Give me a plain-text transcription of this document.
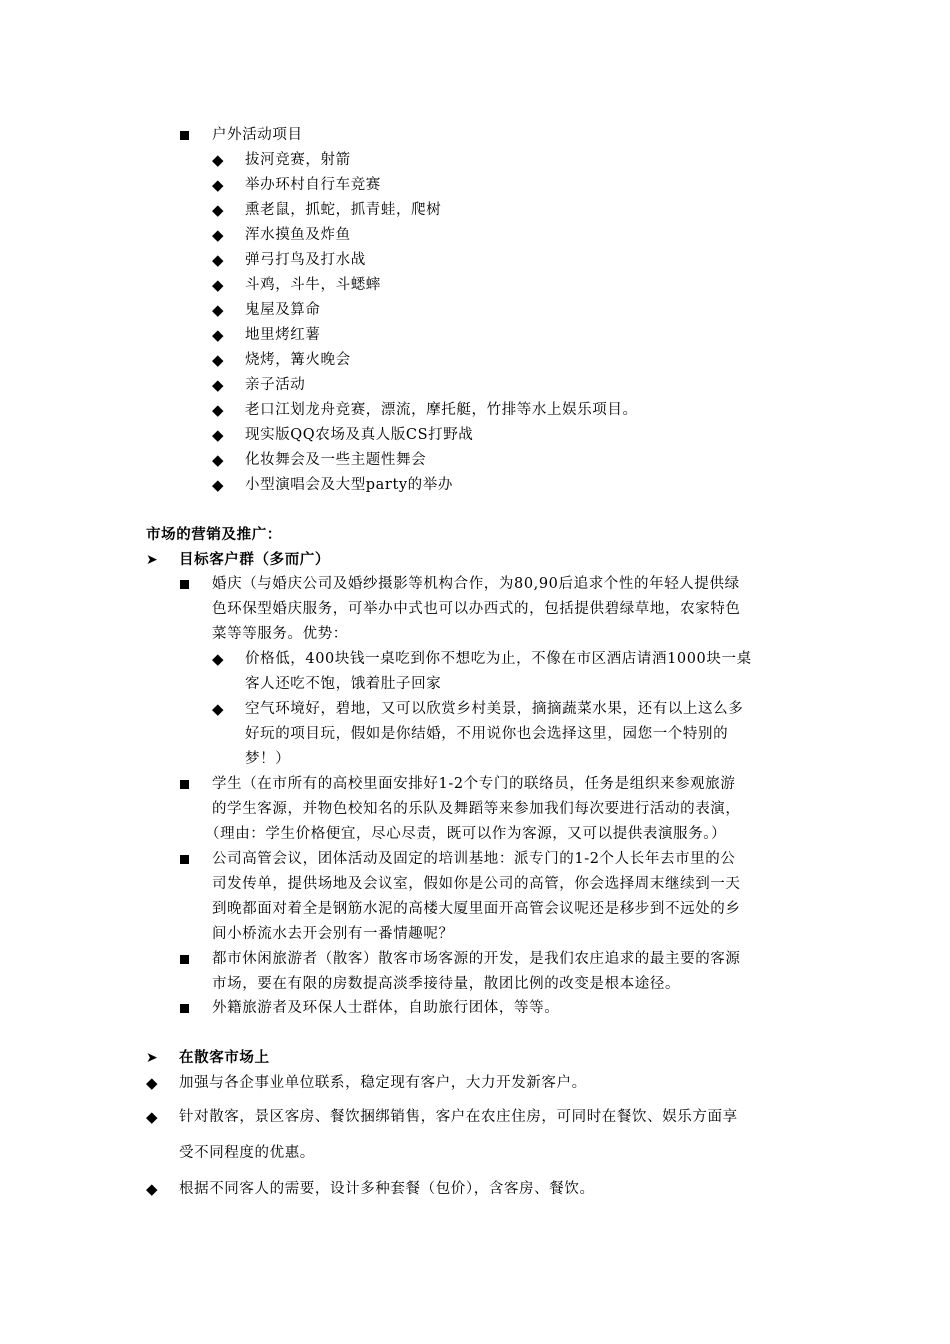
户外活动项目
◆ 拔河竞赛，射箭
◆ 举办环村自行车竞赛
◆ 熏老鼠，抓蛇，抓青蛙，爬树
◆ 浑水摸鱼及炸鱼
◆ 弹弓打鸟及打水战
◆ 斗鸡，斗牛，斗蟋蟀
◆ 鬼屋及算命
◆ 地里烤红薯
◆ 烧烤，篝火晚会
◆ 亲子活动
◆ 老口江划龙舟竞赛，漂流，摩托艇，竹排等水上娱乐项目。
◆ 现实版QQ农场及真人版CS打野战
◆ 化妆舞会及一些主题性舞会
◆ 小型演唱会及大型party的举办
市场的营销及推广：
➤ 目标客户群（多而广）
婚庆（与婚庆公司及婚纱摄影等机构合作，为80,90后追求个性的年轻人提供绿
色环保型婚庆服务，可举办中式也可以办西式的，包括提供碧绿草地，农家特色
菜等等服务。优势：
◆ 价格低，400块钱一桌吃到你不想吃为止，不像在市区酒店请酒1000块一桌
客人还吃不饱，饿着肚子回家
◆ 空气环境好，碧地，又可以欣赏乡村美景，摘摘蔬菜水果，还有以上这么多
好玩的项目玩，假如是你结婚，不用说你也会选择这里，园您一个特别的
梦！）
学生（在市所有的高校里面安排好1-2个专门的联络员，任务是组织来参观旅游
的学生客源，并物色校知名的乐队及舞蹈等来参加我们每次要进行活动的表演，
（理由：学生价格便宜，尽心尽责，既可以作为客源，又可以提供表演服务。）
公司高管会议，团体活动及固定的培训基地：派专门的1-2个人长年去市里的公
司发传单，提供场地及会议室，假如你是公司的高管，你会选择周末继续到一天
到晚都面对着全是钢筋水泥的高楼大厦里面开高管会议呢还是移步到不远处的乡
间小桥流水去开会别有一番情趣呢？
都市休闲旅游者（散客）散客市场客源的开发，是我们农庄追求的最主要的客源
市场，要在有限的房数提高淡季接待量，散团比例的改变是根本途径。
外籍旅游者及环保人士群体，自助旅行团体，等等。
➤ 在散客市场上
◆ 加强与各企事业单位联系，稳定现有客户，大力开发新客户。
◆ 针对散客，景区客房、餐饮捆绑销售，客户在农庄住房，可同时在餐饮、娱乐方面享
受不同程度的优惠。
◆ 根据不同客人的需要，设计多种套餐（包价），含客房、餐饮。
